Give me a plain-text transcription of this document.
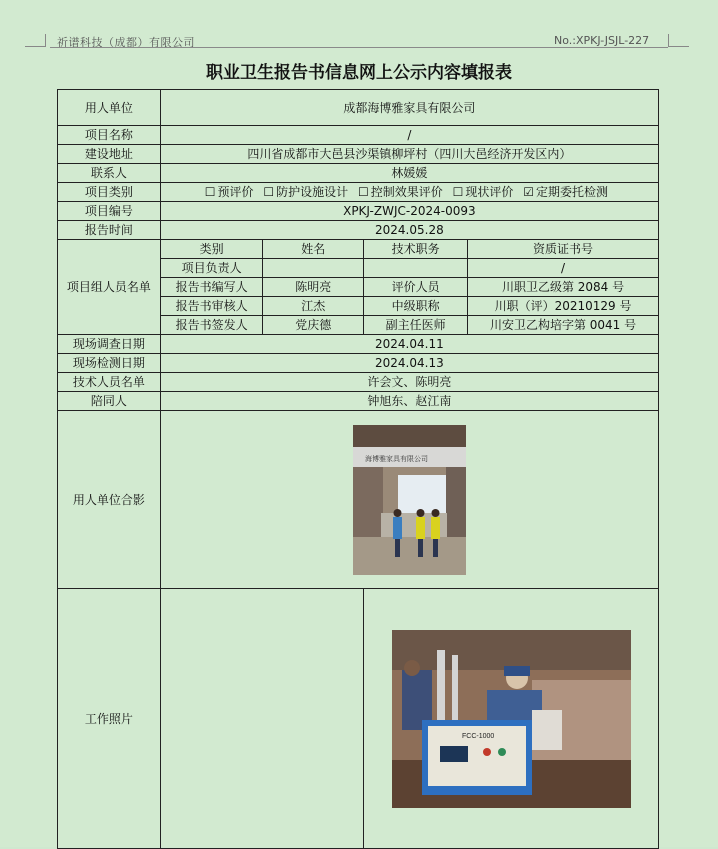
祈谱科技（成都）有限公司	No.:XPKJ-JSJL-227
职业卫生报告书信息网上公示内容填报表
用人单位	成都海博雅家具有限公司			
项目名称	/			
建设地址	四川省成都市大邑县沙渠镇柳坪村（四川大邑经济开发区内）			
联系人	林媛媛			
项目类别	☐ 预评价 ☐ 防护设施设计 ☐ 控制效果评价 ☐ 现状评价 ☑ 定期委托检测			
项目编号	XPKJ-ZWJC-2024-0093			
报告时间	2024.05.28			
项目组人员名单	类别	姓名	技术职务	资质证书号
	项目负责人			/
	报告书编写人	陈明亮	评价人员	川职卫乙级第 2084 号
	报告书审核人	江杰	中级职称	川职（评）20210129 号
	报告书签发人	党庆德	副主任医师	川安卫乙构培字第 0041 号
现场调查日期	2024.04.11			
现场检测日期	2024.04.13			
技术人员名单	许会文、陈明亮			
陪同人	钟旭东、赵江南			
用人单位合影	海博雅家具有限公司			

工作照片			FCC-1000	
